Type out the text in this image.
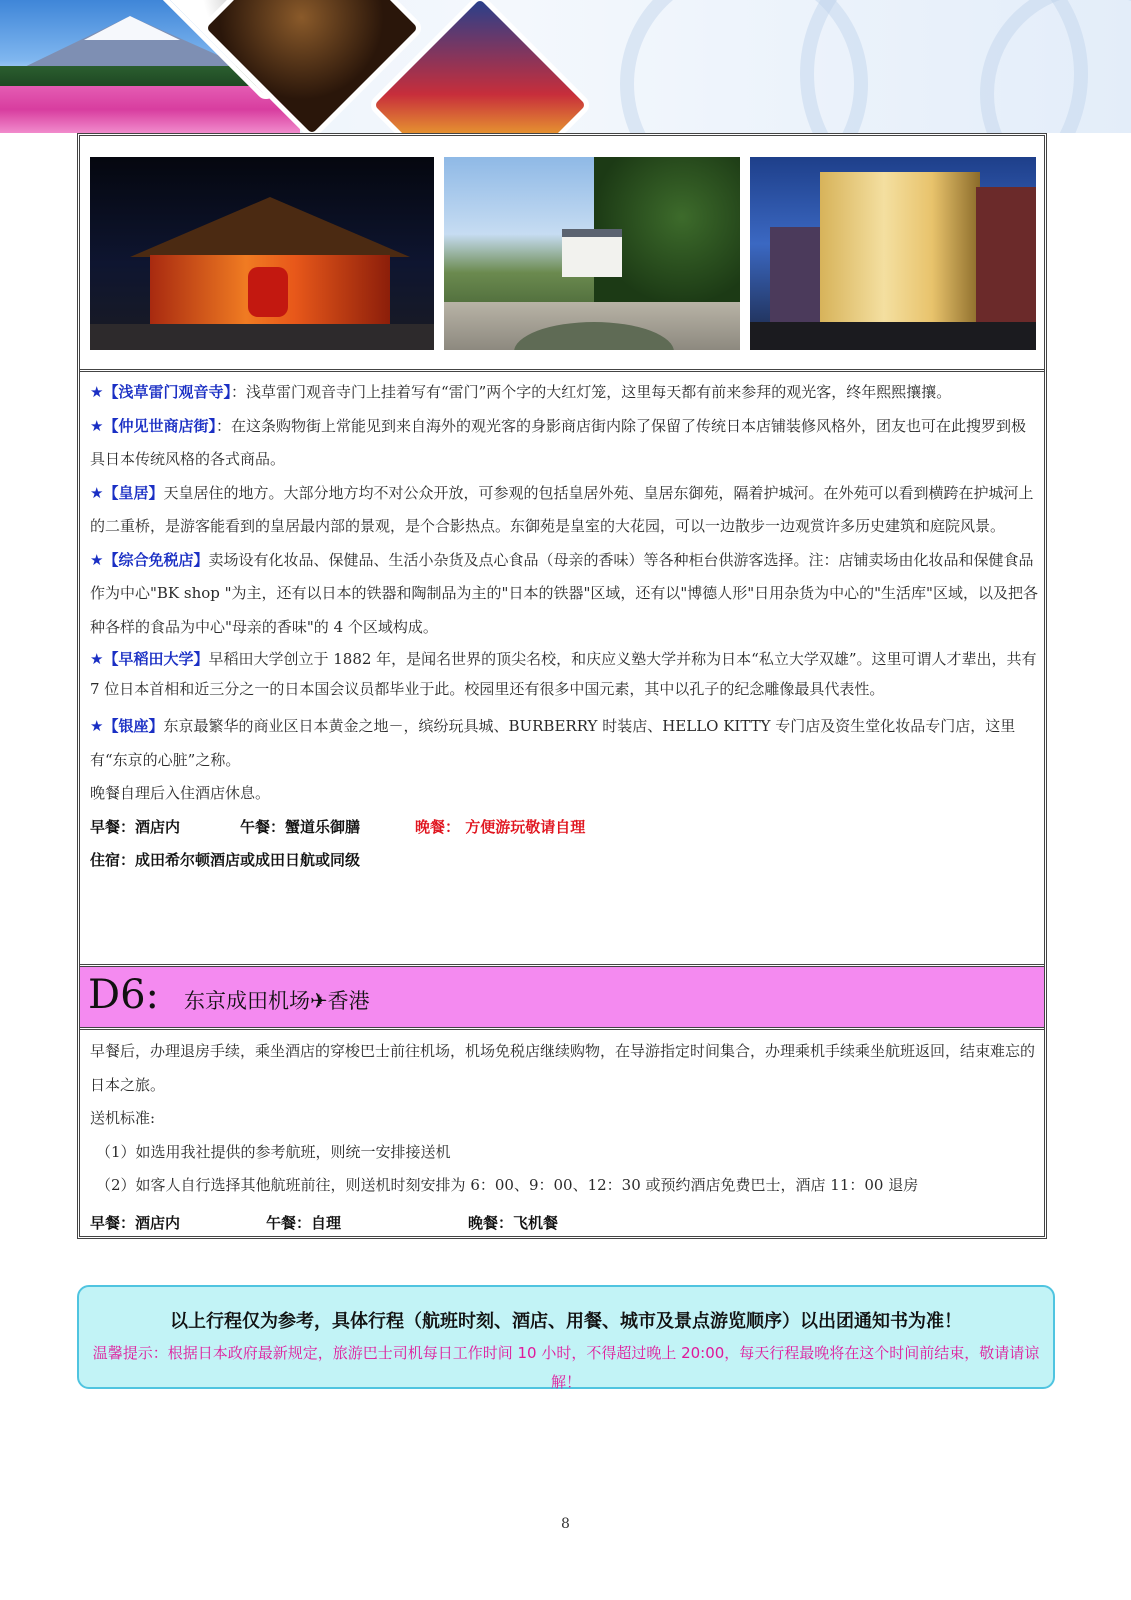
★【浅草雷门观音寺】：浅草雷门观音寺门上挂着写有“雷门”两个字的大红灯笼，这里每天都有前来参拜的观光客，终年熙熙攘攘。

★【仲见世商店街】：在这条购物街上常能见到来自海外的观光客的身影商店街内除了保留了传统日本店铺装修风格外，团友也可在此搜罗到极具日本传统风格的各式商品。

★【皇居】天皇居住的地方。大部分地方均不对公众开放，可参观的包括皇居外苑、皇居东御苑，隔着护城河。在外苑可以看到横跨在护城河上的二重桥，是游客能看到的皇居最内部的景观，是个合影热点。东御苑是皇室的大花园，可以一边散步一边观赏许多历史建筑和庭院风景。

★【综合免税店】卖场设有化妆品、保健品、生活小杂货及点心食品（母亲的香味）等各种柜台供游客选择。注：店铺卖场由化妆品和保健食品作为中心"BK shop "为主，还有以日本的铁器和陶制品为主的"日本的铁器"区域，还有以"博德人形"日用杂货为中心的"生活库"区域，以及把各种各样的食品为中心"母亲的香味"的 4 个区域构成。

★【早稻田大学】早稻田大学创立于 1882 年，是闻名世界的顶尖名校，和庆应义塾大学并称为日本“私立大学双雄”。这里可谓人才辈出，共有 7 位日本首相和近三分之一的日本国会议员都毕业于此。校园里还有很多中国元素，其中以孔子的纪念雕像最具代表性。

★【银座】东京最繁华的商业区日本黄金之地－，缤纷玩具城、BURBERRY 时装店、HELLO KITTY 专门店及资生堂化妆品专门店，这里有“东京的心脏”之称。

晚餐自理后入住酒店休息。

早餐：酒店内	午餐：蟹道乐御膳	晚餐： 方便游玩敬请自理

住宿：成田希尔顿酒店或成田日航或同级

D6: 东京成田机场✈香港

早餐后，办理退房手续，乘坐酒店的穿梭巴士前往机场，机场免税店继续购物，在导游指定时间集合，办理乘机手续乘坐航班返回，结束难忘的日本之旅。

送机标准:

（1）如选用我社提供的参考航班，则统一安排接送机

（2）如客人自行选择其他航班前往，则送机时刻安排为 6：00、9：00、12：30 或预约酒店免费巴士，酒店 11：00 退房

早餐：酒店内	午餐：自理	晚餐：飞机餐

以上行程仅为参考，具体行程（航班时刻、酒店、用餐、城市及景点游览顺序）以出团通知书为准！
温馨提示：根据日本政府最新规定，旅游巴士司机每日工作时间 10 小时，不得超过晚上 20:00，每天行程最晚将在这个时间前结束，敬请请谅解！
8
